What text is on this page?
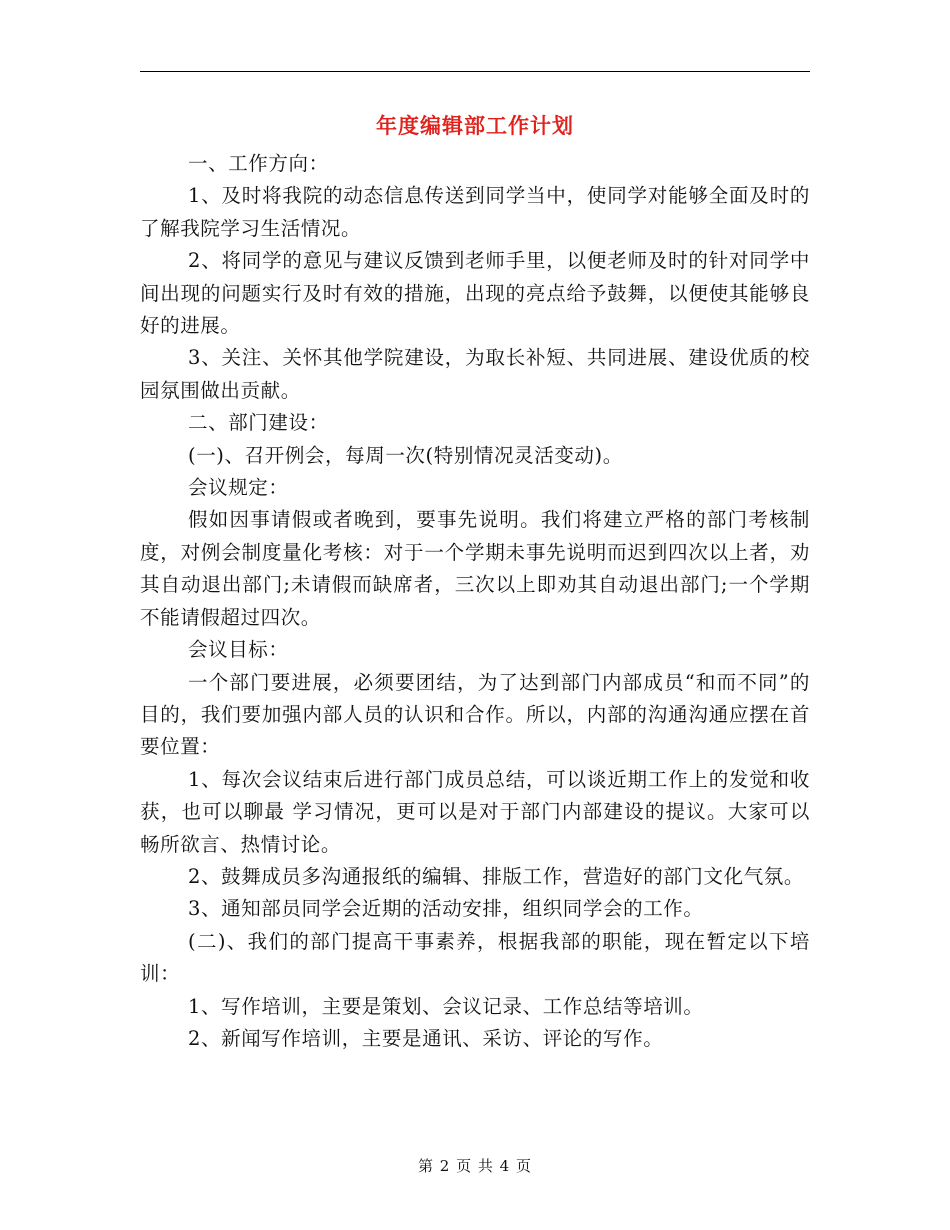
年度编辑部工作计划

一、工作方向：

1、及时将我院的动态信息传送到同学当中，使同学对能够全面及时的了解我院学习生活情况。

2、将同学的意见与建议反馈到老师手里，以便老师及时的针对同学中间出现的问题实行及时有效的措施，出现的亮点给予鼓舞，以便使其能够良好的进展。

3、关注、关怀其他学院建设，为取长补短、共同进展、建设优质的校园氛围做出贡献。

二、部门建设：

(一)、召开例会，每周一次(特别情况灵活变动)。

会议规定：

假如因事请假或者晚到，要事先说明。我们将建立严格的部门考核制度，对例会制度量化考核：对于一个学期未事先说明而迟到四次以上者，劝其自动退出部门;未请假而缺席者，三次以上即劝其自动退出部门;一个学期不能请假超过四次。

会议目标：

一个部门要进展，必须要团结，为了达到部门内部成员“和而不同”的目的，我们要加强内部人员的认识和合作。所以，内部的沟通沟通应摆在首要位置：

1、每次会议结束后进行部门成员总结，可以谈近期工作上的发觉和收获，也可以聊最 学习情况，更可以是对于部门内部建设的提议。大家可以畅所欲言、热情讨论。

2、鼓舞成员多沟通报纸的编辑、排版工作，营造好的部门文化气氛。

3、通知部员同学会近期的活动安排，组织同学会的工作。

(二)、我们的部门提高干事素养，根据我部的职能，现在暂定以下培训：

1、写作培训，主要是策划、会议记录、工作总结等培训。

2、新闻写作培训，主要是通讯、采访、评论的写作。

第 2 页 共 4 页
